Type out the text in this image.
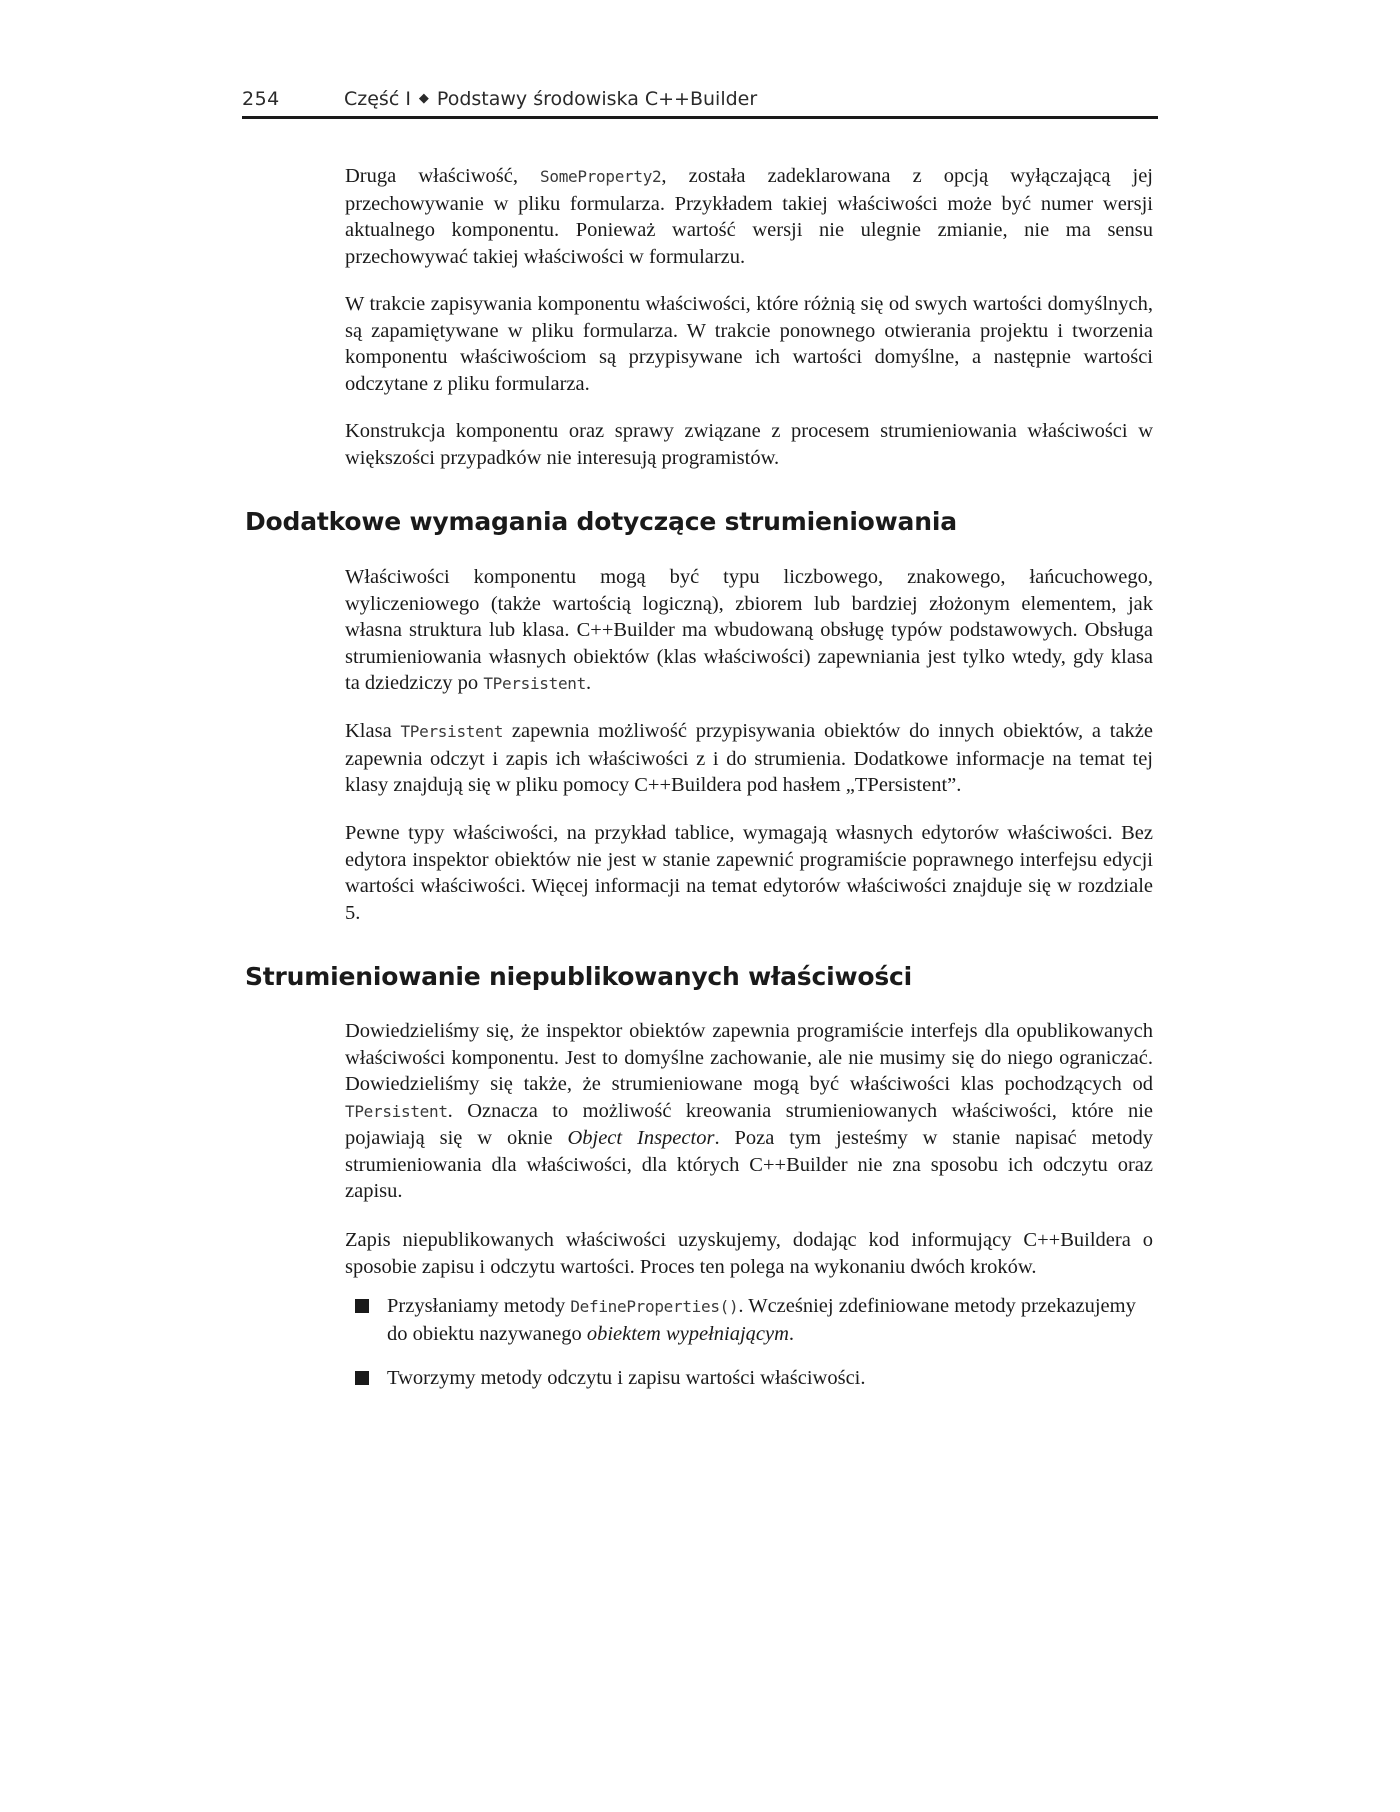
254	Część I ◆ Podstawy środowiska C++Builder

Druga właściwość, SomeProperty2, została zadeklarowana z opcją wyłączającą jej przechowywanie w pliku formularza. Przykładem takiej właściwości może być numer wersji aktualnego komponentu. Ponieważ wartość wersji nie ulegnie zmianie, nie ma sensu przechowywać takiej właściwości w formularzu.

W trakcie zapisywania komponentu właściwości, które różnią się od swych wartości domyślnych, są zapamiętywane w pliku formularza. W trakcie ponownego otwierania projektu i tworzenia komponentu właściwościom są przypisywane ich wartości domyślne, a następnie wartości odczytane z pliku formularza.

Konstrukcja komponentu oraz sprawy związane z procesem strumieniowania właściwości w większości przypadków nie interesują programistów.

Dodatkowe wymagania dotyczące strumieniowania

Właściwości komponentu mogą być typu liczbowego, znakowego, łańcuchowego, wyliczeniowego (także wartością logiczną), zbiorem lub bardziej złożonym elementem, jak własna struktura lub klasa. C++Builder ma wbudowaną obsługę typów podstawowych. Obsługa strumieniowania własnych obiektów (klas właściwości) zapewniania jest tylko wtedy, gdy klasa ta dziedziczy po TPersistent.

Klasa TPersistent zapewnia możliwość przypisywania obiektów do innych obiektów, a także zapewnia odczyt i zapis ich właściwości z i do strumienia. Dodatkowe informacje na temat tej klasy znajdują się w pliku pomocy C++Buildera pod hasłem „TPersistent”.

Pewne typy właściwości, na przykład tablice, wymagają własnych edytorów właściwości. Bez edytora inspektor obiektów nie jest w stanie zapewnić programiście poprawnego interfejsu edycji wartości właściwości. Więcej informacji na temat edytorów właściwości znajduje się w rozdziale 5.

Strumieniowanie niepublikowanych właściwości

Dowiedzieliśmy się, że inspektor obiektów zapewnia programiście interfejs dla opublikowanych właściwości komponentu. Jest to domyślne zachowanie, ale nie musimy się do niego ograniczać. Dowiedzieliśmy się także, że strumieniowane mogą być właściwości klas pochodzących od TPersistent. Oznacza to możliwość kreowania strumieniowanych właściwości, które nie pojawiają się w oknie Object Inspector. Poza tym jesteśmy w stanie napisać metody strumieniowania dla właściwości, dla których C++Builder nie zna sposobu ich odczytu oraz zapisu.

Zapis niepublikowanych właściwości uzyskujemy, dodając kod informujący C++Buildera o sposobie zapisu i odczytu wartości. Proces ten polega na wykonaniu dwóch kroków.

Przysłaniamy metody DefineProperties(). Wcześniej zdefiniowane metody przekazujemy do obiektu nazywanego obiektem wypełniającym.
Tworzymy metody odczytu i zapisu wartości właściwości.
